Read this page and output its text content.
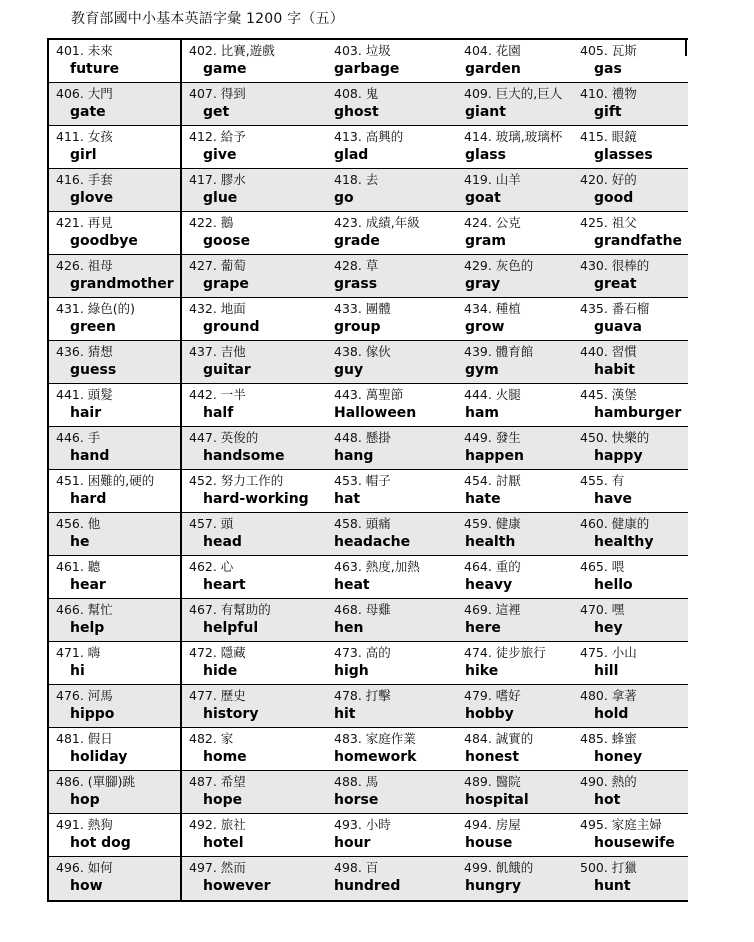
教育部國中小基本英語字彙 1200 字（五）
401. 未來
future
402. 比賽,遊戲
game
403. 垃圾
garbage
404. 花園
garden
405. 瓦斯
gas
406. 大門
gate
407. 得到
get
408. 鬼
ghost
409. 巨大的,巨人
giant
410. 禮物
gift
411. 女孩
girl
412. 給予
give
413. 高興的
glad
414. 玻璃,玻璃杯
glass
415. 眼鏡
glasses
416. 手套
glove
417. 膠水
glue
418. 去
go
419. 山羊
goat
420. 好的
good
421. 再見
goodbye
422. 鵝
goose
423. 成績,年級
grade
424. 公克
gram
425. 祖父
grandfathe
426. 祖母
grandmother
427. 葡萄
grape
428. 草
grass
429. 灰色的
gray
430. 很棒的
great
431. 綠色(的)
green
432. 地面
ground
433. 團體
group
434. 種植
grow
435. 番石榴
guava
436. 猜想
guess
437. 吉他
guitar
438. 傢伙
guy
439. 體育館
gym
440. 習慣
habit
441. 頭髮
hair
442. 一半
half
443. 萬聖節
Halloween
444. 火腿
ham
445. 漢堡
hamburger
446. 手
hand
447. 英俊的
handsome
448. 懸掛
hang
449. 發生
happen
450. 快樂的
happy
451. 困難的,硬的
hard
452. 努力工作的
hard-working
453. 帽子
hat
454. 討厭
hate
455. 有
have
456. 他
he
457. 頭
head
458. 頭痛
headache
459. 健康
health
460. 健康的
healthy
461. 聽
hear
462. 心
heart
463. 熱度,加熱
heat
464. 重的
heavy
465. 喂
hello
466. 幫忙
help
467. 有幫助的
helpful
468. 母雞
hen
469. 這裡
here
470. 嘿
hey
471. 嗨
hi
472. 隱藏
hide
473. 高的
high
474. 徒步旅行
hike
475. 小山
hill
476. 河馬
hippo
477. 歷史
history
478. 打擊
hit
479. 嗜好
hobby
480. 拿著
hold
481. 假日
holiday
482. 家
home
483. 家庭作業
homework
484. 誠實的
honest
485. 蜂蜜
honey
486. (單腳)跳
hop
487. 希望
hope
488. 馬
horse
489. 醫院
hospital
490. 熱的
hot
491. 熱狗
hot dog
492. 旅社
hotel
493. 小時
hour
494. 房屋
house
495. 家庭主婦
housewife
496. 如何
how
497. 然而
however
498. 百
hundred
499. 飢餓的
hungry
500. 打獵
hunt
